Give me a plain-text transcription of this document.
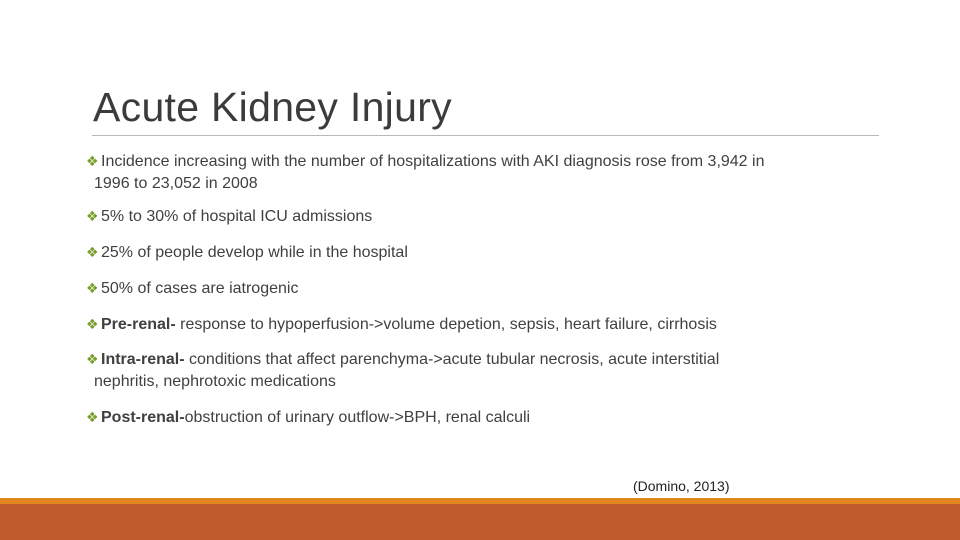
Acute Kidney Injury
❖ Incidence increasing with the number of hospitalizations with AKI diagnosis rose from 3,942 in
1996 to 23,052 in 2008
❖ 5% to 30% of hospital ICU admissions
❖ 25% of people develop while in the hospital
❖ 50% of cases are iatrogenic
❖ Pre-renal- response to hypoperfusion->volume depetion, sepsis, heart failure, cirrhosis
❖ Intra-renal- conditions that affect parenchyma->acute tubular necrosis, acute interstitial
nephritis, nephrotoxic medications
❖ Post-renal-obstruction of urinary outflow->BPH, renal calculi
(Domino, 2013)
